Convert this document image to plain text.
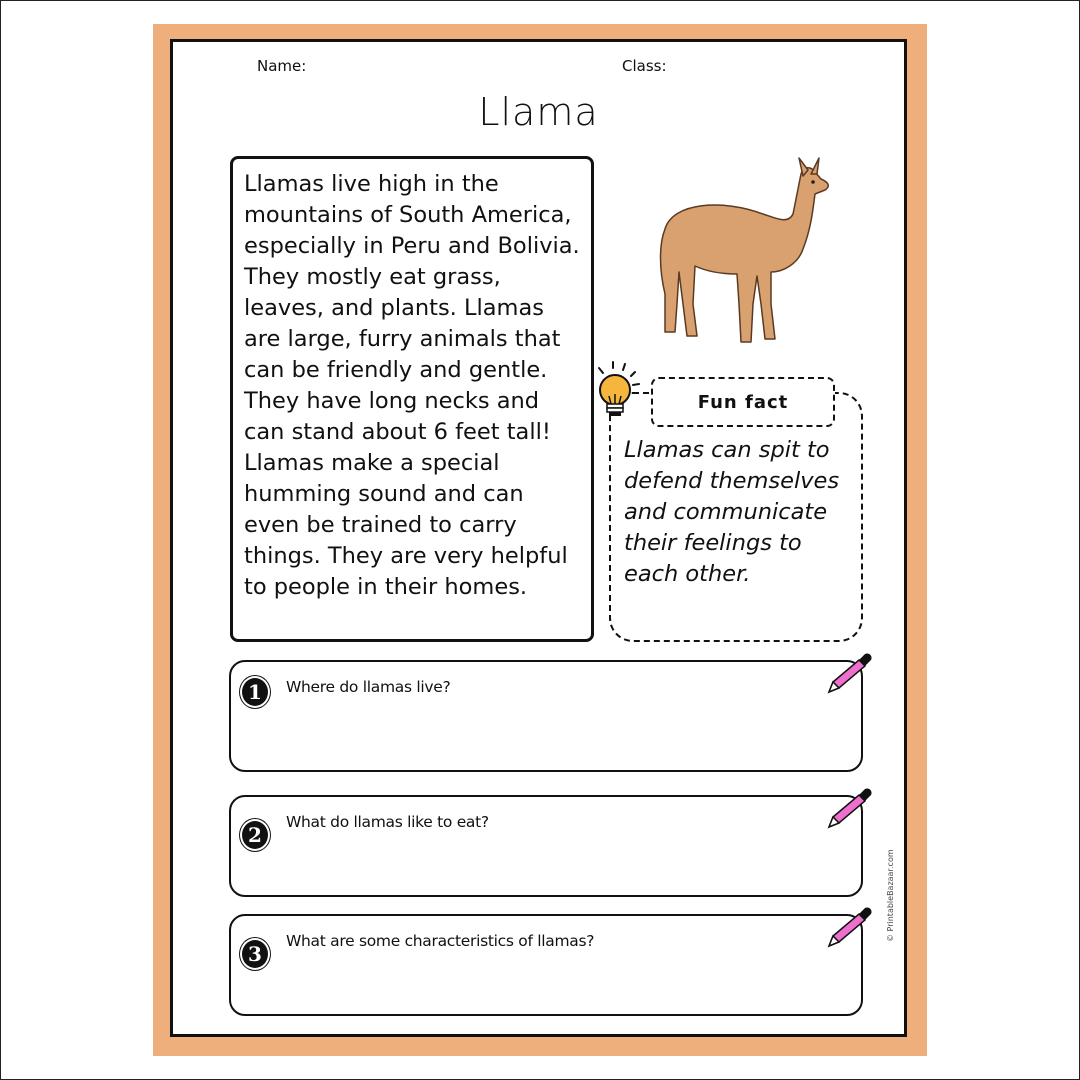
Name:	Class:
Llama

Llamas live high in the mountains of South America, especially in Peru and Bolivia. They mostly eat grass, leaves, and plants. Llamas are large, furry animals that can be friendly and gentle. They have long necks and can stand about 6 feet tall! Llamas make a special humming sound and can even be trained to carry things. They are very helpful to people in their homes.

Fun fact

Llamas can spit to defend themselves and communicate their feelings to each other.

1	Where do llamas live?
2
What do llamas like to eat?
3
What are some characteristics of llamas?	© PrintableBazaar.com
